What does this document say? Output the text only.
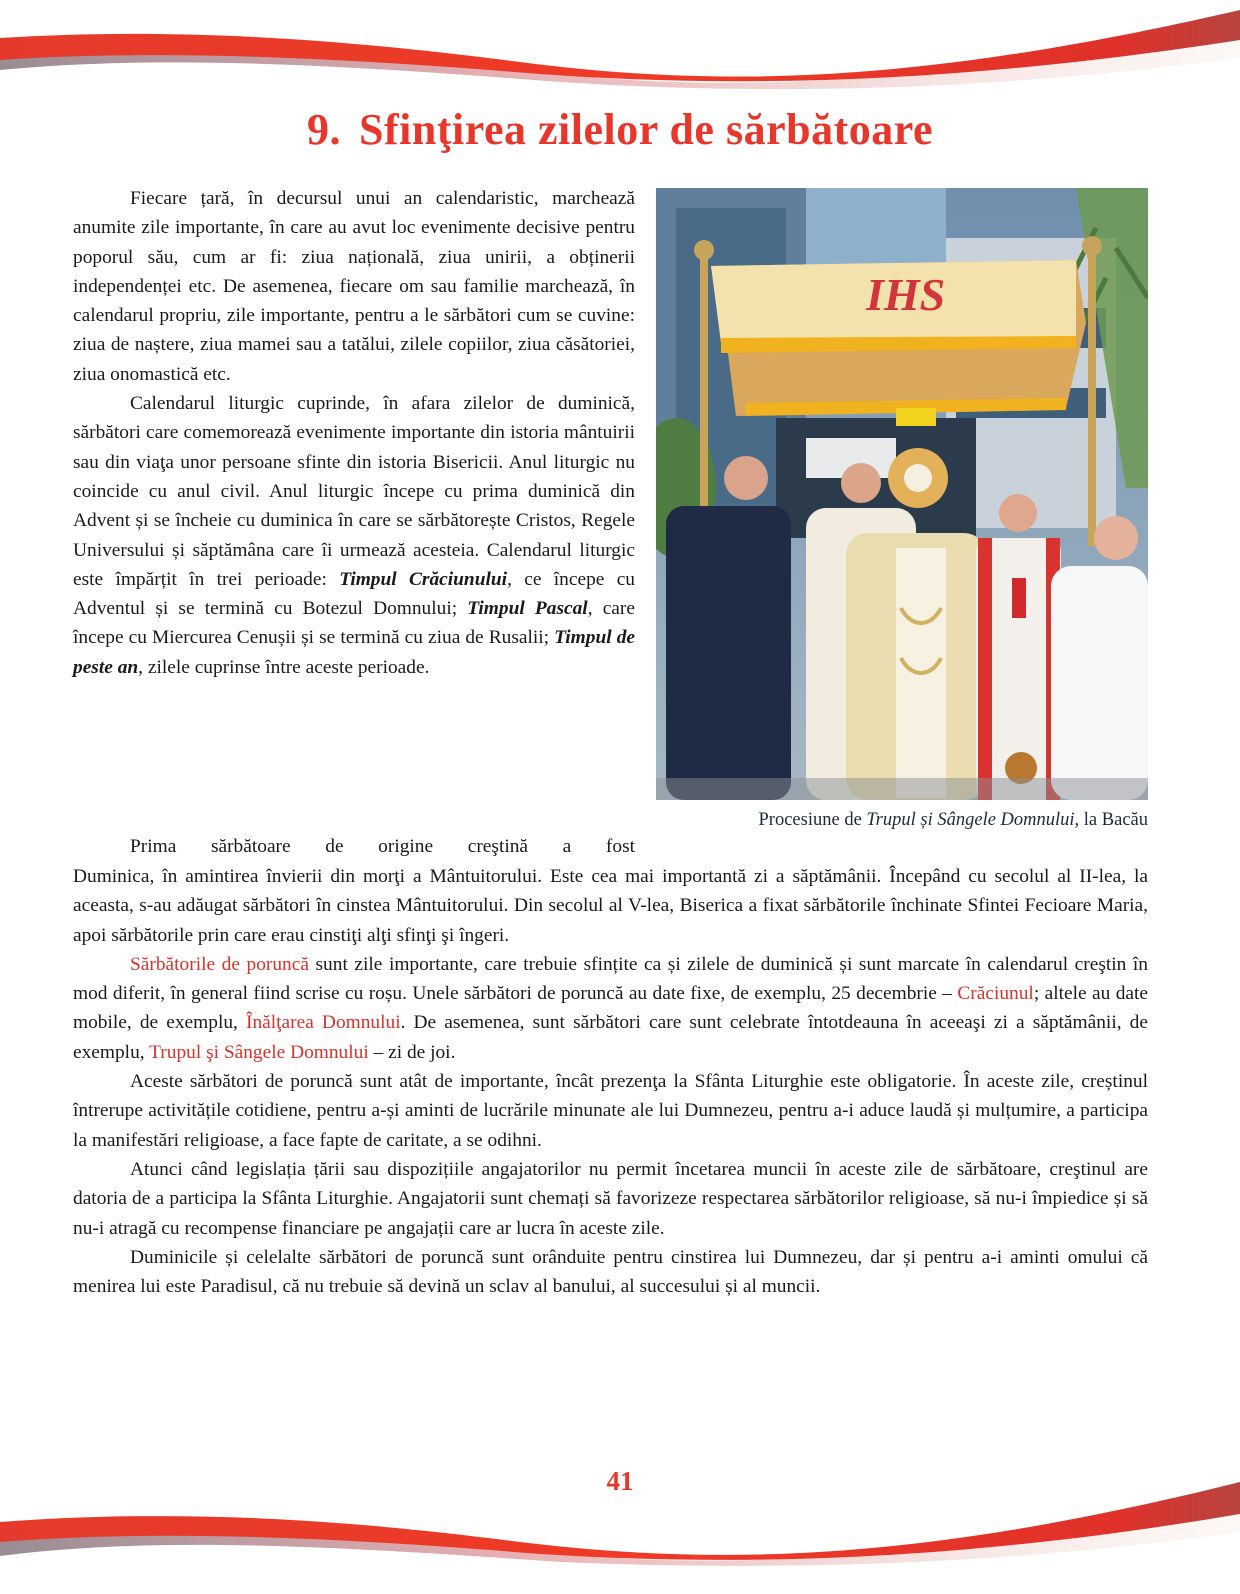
9. Sfinţirea zilelor de sărbătoare

Fiecare țară, în decursul unui an calendaristic, marchează anumite zile importante, în care au avut loc evenimente decisive pentru poporul său, cum ar fi: ziua națională, ziua unirii, a obținerii independenței etc. De asemenea, fiecare om sau familie marchează, în calendarul propriu, zile importante, pentru a le sărbători cum se cuvine: ziua de naștere, ziua mamei sau a tatălui, zilele copiilor, ziua căsătoriei, ziua onomastică etc.

Calendarul liturgic cuprinde, în afara zilelor de duminică, sărbători care comemorează evenimente importante din istoria mântuirii sau din viaţa unor persoane sfinte din istoria Bisericii. Anul liturgic nu coincide cu anul civil. Anul liturgic începe cu prima duminică din Advent și se încheie cu duminica în care se sărbătorește Cristos, Regele Universului și săptămâna care îi urmează acesteia. Calendarul liturgic este împărțit în trei perioade: Timpul Crăciunului, ce începe cu Adventul și se termină cu Botezul Domnului; Timpul Pascal, care începe cu Miercurea Cenușii și se termină cu ziua de Rusalii; Timpul de peste an, zilele cuprinse între aceste perioade.

Prima sărbătoare de origine creştină a fost
IHS
Procesiune de Trupul și Sângele Domnului, la Bacău

Duminica, în amintirea învierii din morţi a Mântuitorului. Este cea mai importantă zi a săptămânii. Începând cu secolul al II-lea, la aceasta, s-au adăugat sărbători în cinstea Mântuitorului. Din secolul al V-lea, Biserica a fixat sărbătorile închinate Sfintei Fecioare Maria, apoi sărbătorile prin care erau cinstiţi alţi sfinţi şi îngeri.

Sărbătorile de poruncă sunt zile importante, care trebuie sfințite ca și zilele de duminică și sunt marcate în calendarul creştin în mod diferit, în general fiind scrise cu roșu. Unele sărbători de poruncă au date fixe, de exemplu, 25 decembrie – Crăciunul; altele au date mobile, de exemplu, Înălţarea Domnului. De asemenea, sunt sărbători care sunt celebrate întotdeauna în aceeaşi zi a săptămânii, de exemplu, Trupul şi Sângele Domnului – zi de joi.

Aceste sărbători de poruncă sunt atât de importante, încât prezenţa la Sfânta Liturghie este obligatorie. În aceste zile, creștinul întrerupe activitățile cotidiene, pentru a-și aminti de lucrările minunate ale lui Dumnezeu, pentru a-i aduce laudă și mulțumire, a participa la manifestări religioase, a face fapte de caritate, a se odihni.

Atunci când legislația țării sau dispozițiile angajatorilor nu permit încetarea muncii în aceste zile de sărbătoare, creştinul are datoria de a participa la Sfânta Liturghie. Angajatorii sunt chemați să favorizeze respectarea sărbătorilor religioase, să nu-i împiedice și să nu-i atragă cu recompense financiare pe angajații care ar lucra în aceste zile.

Duminicile și celelalte sărbători de poruncă sunt orânduite pentru cinstirea lui Dumnezeu, dar și pentru a-i aminti omului că menirea lui este Paradisul, că nu trebuie să devină un sclav al banului, al succesului și al muncii.

41
